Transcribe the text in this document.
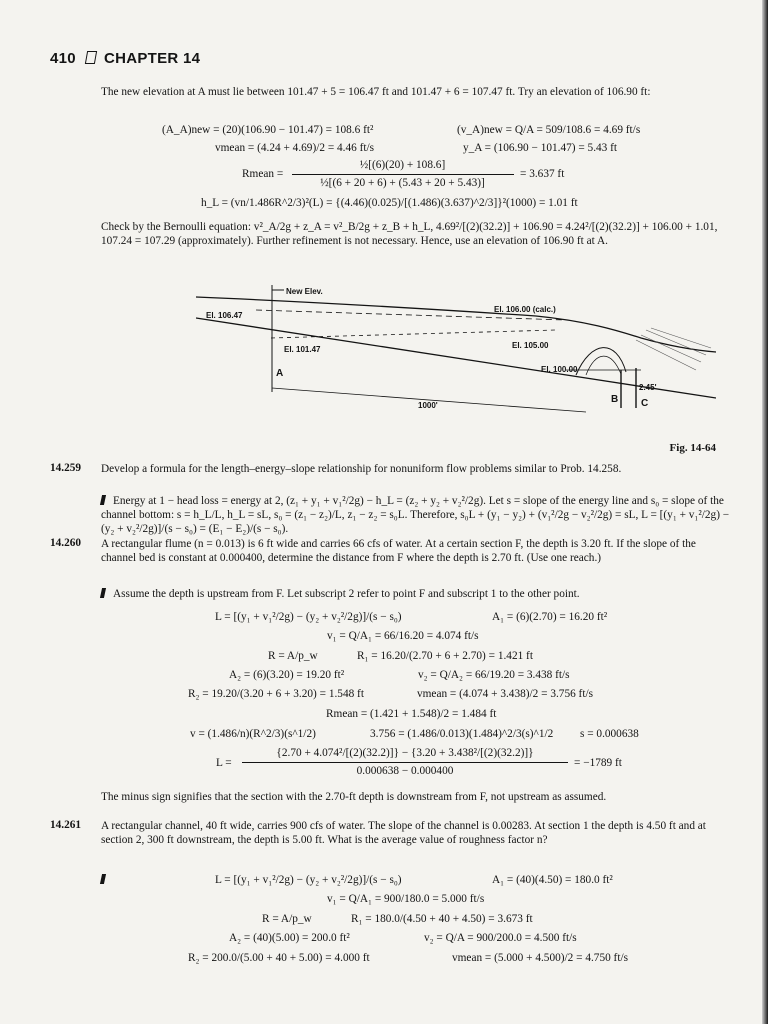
410 CHAPTER 14
The new elevation at A must lie between 101.47 + 5 = 106.47 ft and 101.47 + 6 = 107.47 ft. Try an elevation of 106.90 ft:
(A_A)new = (20)(106.90 − 101.47) = 108.6 ft²	(v_A)new = Q/A = 509/108.6 = 4.69 ft/s
vmean = (4.24 + 4.69)/2 = 4.46 ft/s	y_A = (106.90 − 101.47) = 5.43 ft
Rmean =
½[(6)(20) + 108.6]
½[(6 + 20 + 6) + (5.43 + 20 + 5.43)]
= 3.637 ft
h_L = (vn/1.486R^2/3)²(L) = {(4.46)(0.025)/[(1.486)(3.637)^2/3]}²(1000) = 1.01 ft
Check by the Bernoulli equation: v²_A/2g + z_A = v²_B/2g + z_B + h_L, 4.69²/[(2)(32.2)] + 106.90 = 4.24²/[(2)(32.2)] + 106.00 + 1.01, 107.24 = 107.29 (approximately). Further refinement is not necessary. Hence, use an elevation of 106.90 ft at A.
New Elev.
El. 106.47
El. 106.00 (calc.)
El. 101.47	El. 105.00
El. 100.00
2.45'
1000'
A
B C
Fig. 14-64
14.259 Develop a formula for the length–energy–slope relationship for nonuniform flow problems similar to Prob. 14.258.
Energy at 1 − head loss = energy at 2, (z₁ + y₁ + v₁²/2g) − h_L = (z₂ + y₂ + v₂²/2g). Let s = slope of the energy line and s₀ = slope of the channel bottom: s = h_L/L, h_L = sL, s₀ = (z₁ − z₂)/L, z₁ − z₂ = s₀L. Therefore, s₀L + (y₁ − y₂) + (v₁²/2g − v₂²/2g) = sL, L = [(y₁ + v₁²/2g) − (y₂ + v₂²/2g)]/(s − s₀) = (E₁ − E₂)/(s − s₀).
14.260 A rectangular flume (n = 0.013) is 6 ft wide and carries 66 cfs of water. At a certain section F, the depth is 3.20 ft. If the slope of the channel bed is constant at 0.000400, determine the distance from F where the depth is 2.70 ft. (Use one reach.)
Assume the depth is upstream from F. Let subscript 2 refer to point F and subscript 1 to the other point.
L = [(y₁ + v₁²/2g) − (y₂ + v₂²/2g)]/(s − s₀)	A₁ = (6)(2.70) = 16.20 ft²
v₁ = Q/A₁ = 66/16.20 = 4.074 ft/s
R = A/p_w	R₁ = 16.20/(2.70 + 6 + 2.70) = 1.421 ft
A₂ = (6)(3.20) = 19.20 ft²	v₂ = Q/A₂ = 66/19.20 = 3.438 ft/s
R₂ = 19.20/(3.20 + 6 + 3.20) = 1.548 ft	vmean = (4.074 + 3.438)/2 = 3.756 ft/s
Rmean = (1.421 + 1.548)/2 = 1.484 ft
v = (1.486/n)(R^2/3)(s^1/2)	3.756 = (1.486/0.013)(1.484)^2/3(s)^1/2 s = 0.000638
L =
{2.70 + 4.074²/[(2)(32.2)]} − {3.20 + 3.438²/[(2)(32.2)]}
0.000638 − 0.000400
= −1789 ft
The minus sign signifies that the section with the 2.70-ft depth is downstream from F, not upstream as assumed.
14.261 A rectangular channel, 40 ft wide, carries 900 cfs of water. The slope of the channel is 0.00283. At section 1 the depth is 4.50 ft and at section 2, 300 ft downstream, the depth is 5.00 ft. What is the average value of roughness factor n?
L = [(y₁ + v₁²/2g) − (y₂ + v₂²/2g)]/(s − s₀)	A₁ = (40)(4.50) = 180.0 ft²
v₁ = Q/A₁ = 900/180.0 = 5.000 ft/s
R = A/p_w	R₁ = 180.0/(4.50 + 40 + 4.50) = 3.673 ft
A₂ = (40)(5.00) = 200.0 ft²	v₂ = Q/A = 900/200.0 = 4.500 ft/s
R₂ = 200.0/(5.00 + 40 + 5.00) = 4.000 ft	vmean = (5.000 + 4.500)/2 = 4.750 ft/s
